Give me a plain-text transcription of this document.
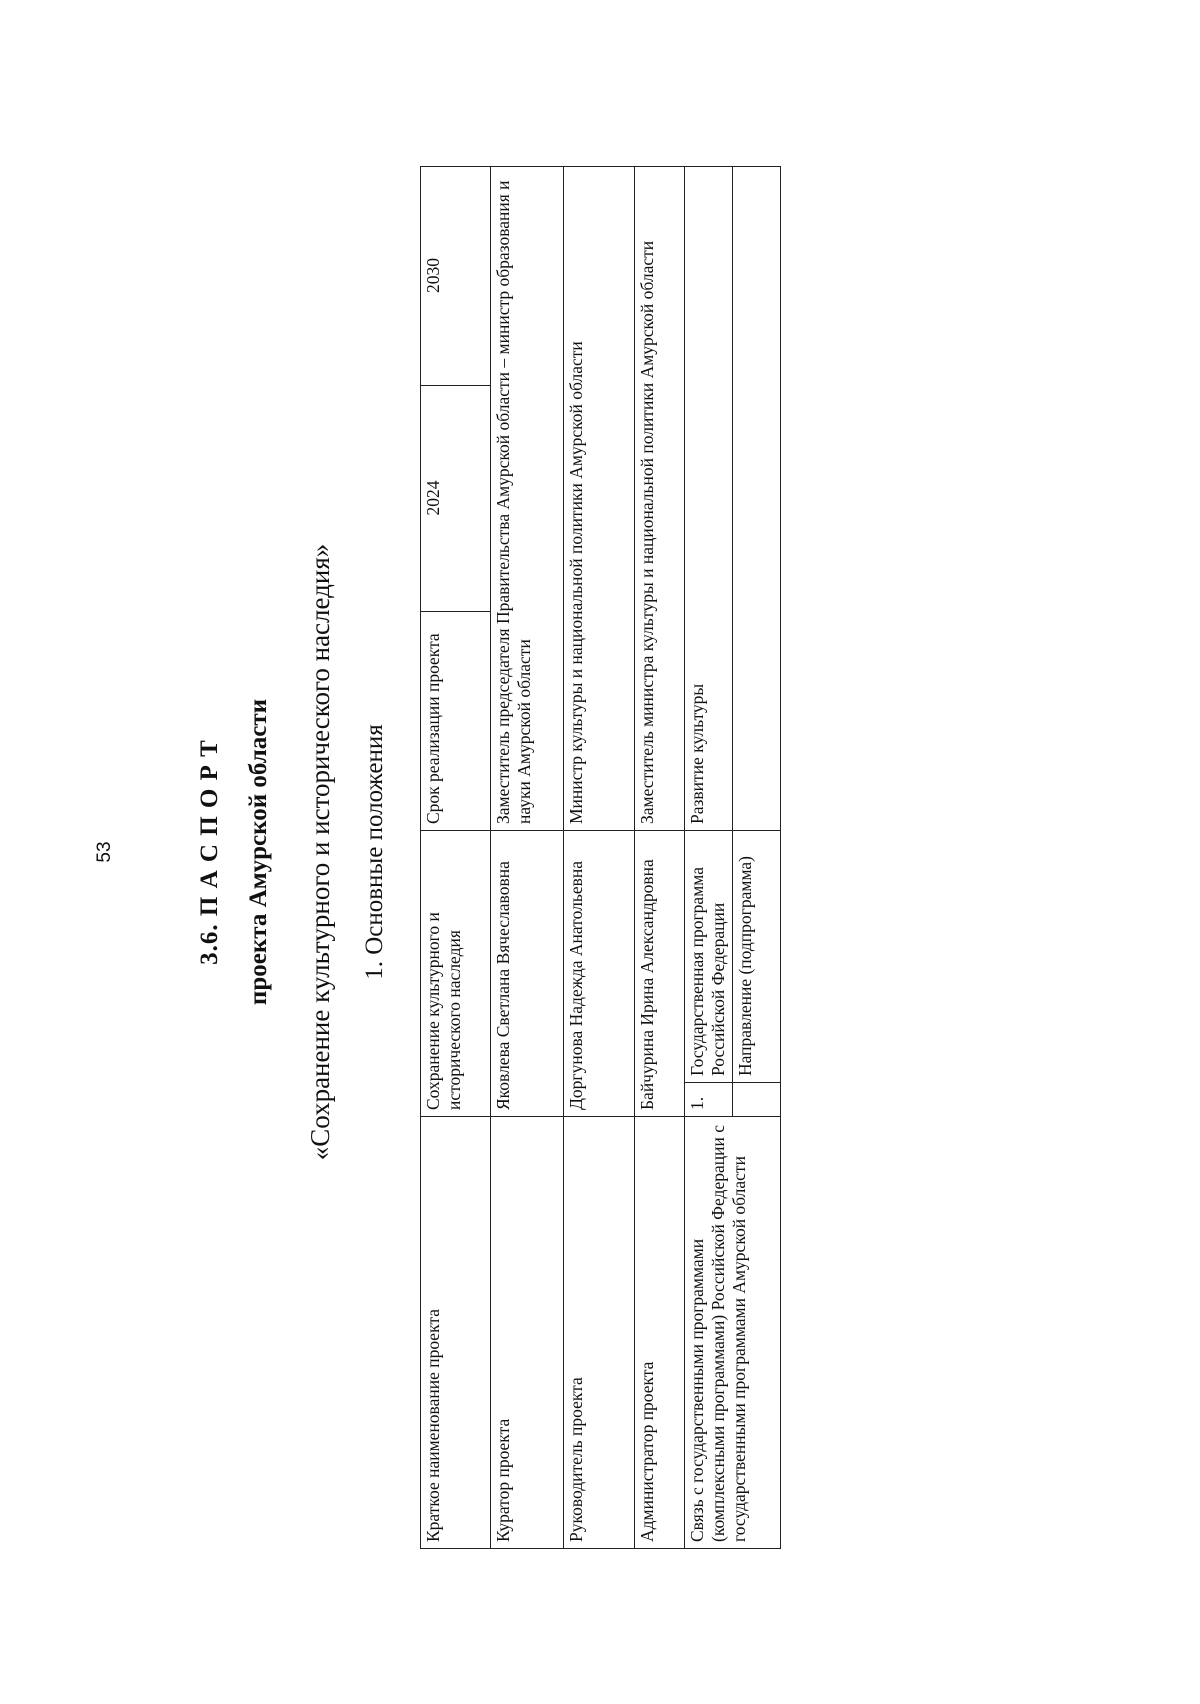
53	3.6. П А С П О Р Т проекта Амурской области «Сохранение культурного и исторического наследия» 1. Основные положения
Краткое наименование проекта	Сохранение культурного и исторического наследия		Срок реализации проекта	2024	2030
Куратор проекта	Яковлева Светлана Вячеславовна		Заместитель председателя Правительства Амурской области – министр образования и науки Амурской области		
Руководитель проекта	Доргунова Надежда Анатольевна		Министр культуры и национальной политики Амурской области		
Администратор проекта	Байчурина Ирина Александровна		Заместитель министра культуры и национальной политики Амурской области		
Связь с государственными программами (комплексными программами) Российской Федерации с государственными программами Амурской области	1.	Государственная программа Российской Федерации	Развитие культуры		
		Направление (подпрограмма)			
